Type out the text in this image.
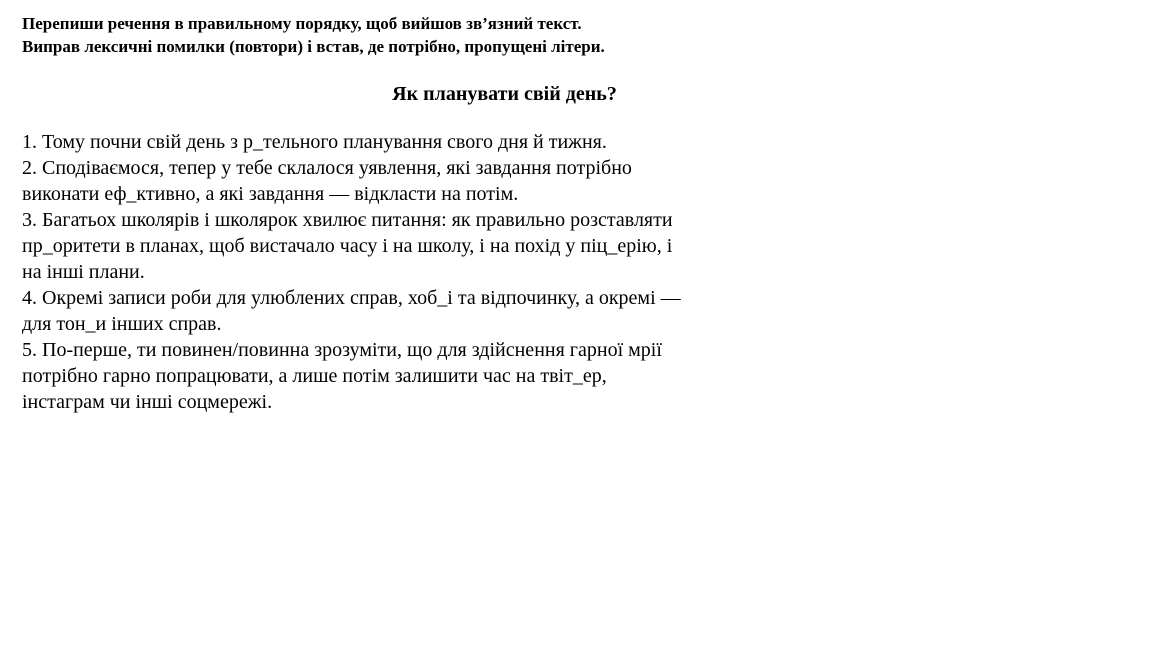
Перепиши речення в правильному порядку, щоб вийшов зв’язний текст.
Виправ лексичні помилки (повтори) і встав, де потрібно, пропущені літери.
Як планувати свій день?
1. Тому почни свій день з р_тельного планування свого дня й тижня.
2. Сподіваємося, тепер у тебе склалося уявлення, які завдання потрібно
виконати еф_ктивно, а які завдання — відкласти на потім.
3. Багатьох школярів і школярок хвилює питання: як правильно розставляти
пр_оритети в планах, щоб вистачало часу і на школу, і на похід у піц_ерію, і
на інші плани.
4. Окремі записи роби для улюблених справ, хоб_і та відпочинку, а окремі —
для тон_и інших справ.
5. По-перше, ти повинен/повинна зрозуміти, що для здійснення гарної мрії
потрібно гарно попрацювати, а лише потім залишити час на твіт_ер,
інстаграм чи інші соцмережі.
